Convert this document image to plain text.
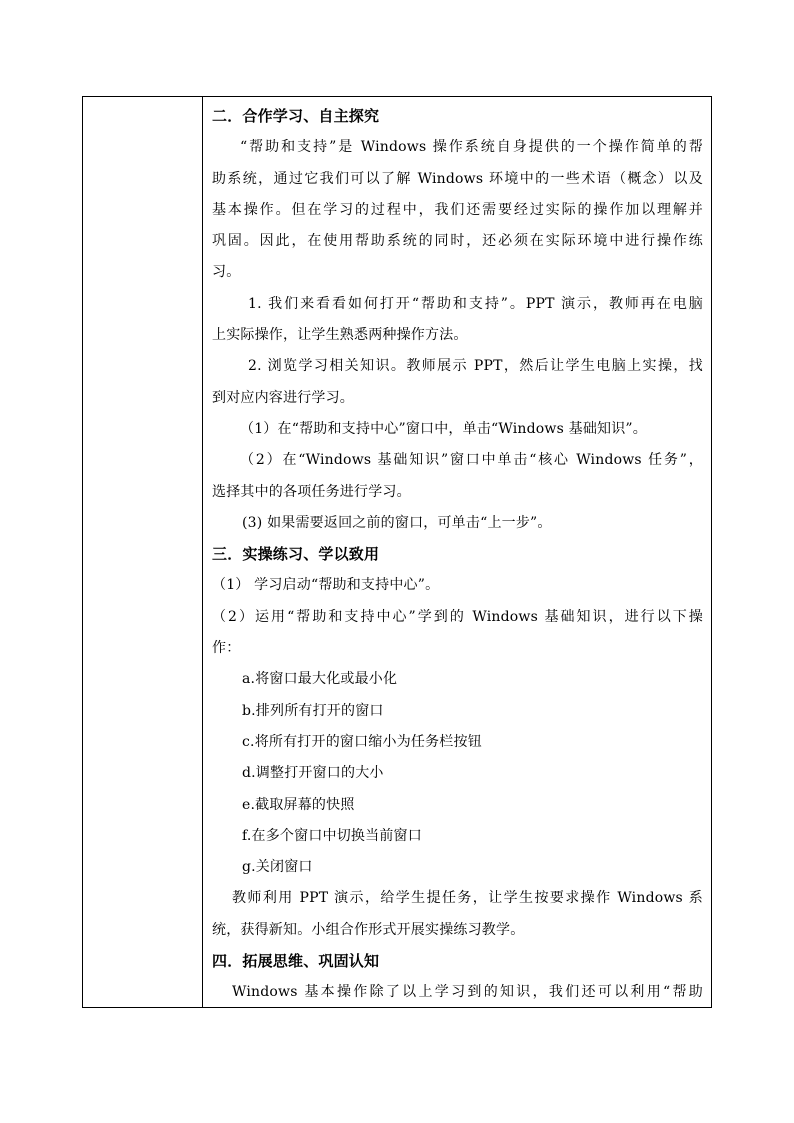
二．合作学习、自主探究
“帮助和支持”是 Windows 操作系统自身提供的一个操作简单的帮
助系统，通过它我们可以了解 Windows 环境中的一些术语（概念）以及
基本操作。但在学习的过程中，我们还需要经过实际的操作加以理解并
巩固。因此，在使用帮助系统的同时，还必须在实际环境中进行操作练
习。
1. 我们来看看如何打开“帮助和支持”。PPT 演示，教师再在电脑
上实际操作，让学生熟悉两种操作方法。
2. 浏览学习相关知识。教师展示 PPT，然后让学生电脑上实操，找
到对应内容进行学习。
（1）在“帮助和支持中心”窗口中，单击“Windows 基础知识”。
（2）在“Windows 基础知识”窗口中单击“核心 Windows 任务”，
选择其中的各项任务进行学习。
(3) 如果需要返回之前的窗口，可单击“上一步”。
三．实操练习、学以致用
（1） 学习启动“帮助和支持中心”。
（2）运用“帮助和支持中心”学到的 Windows 基础知识，进行以下操
作：
a.将窗口最大化或最小化
b.排列所有打开的窗口
c.将所有打开的窗口缩小为任务栏按钮
d.调整打开窗口的大小
e.截取屏幕的快照
f.在多个窗口中切换当前窗口
g.关闭窗口
教师利用 PPT 演示，给学生提任务，让学生按要求操作 Windows 系
统，获得新知。小组合作形式开展实操练习教学。
四．拓展思维、巩固认知
Windows 基本操作除了以上学习到的知识，我们还可以利用“帮助
